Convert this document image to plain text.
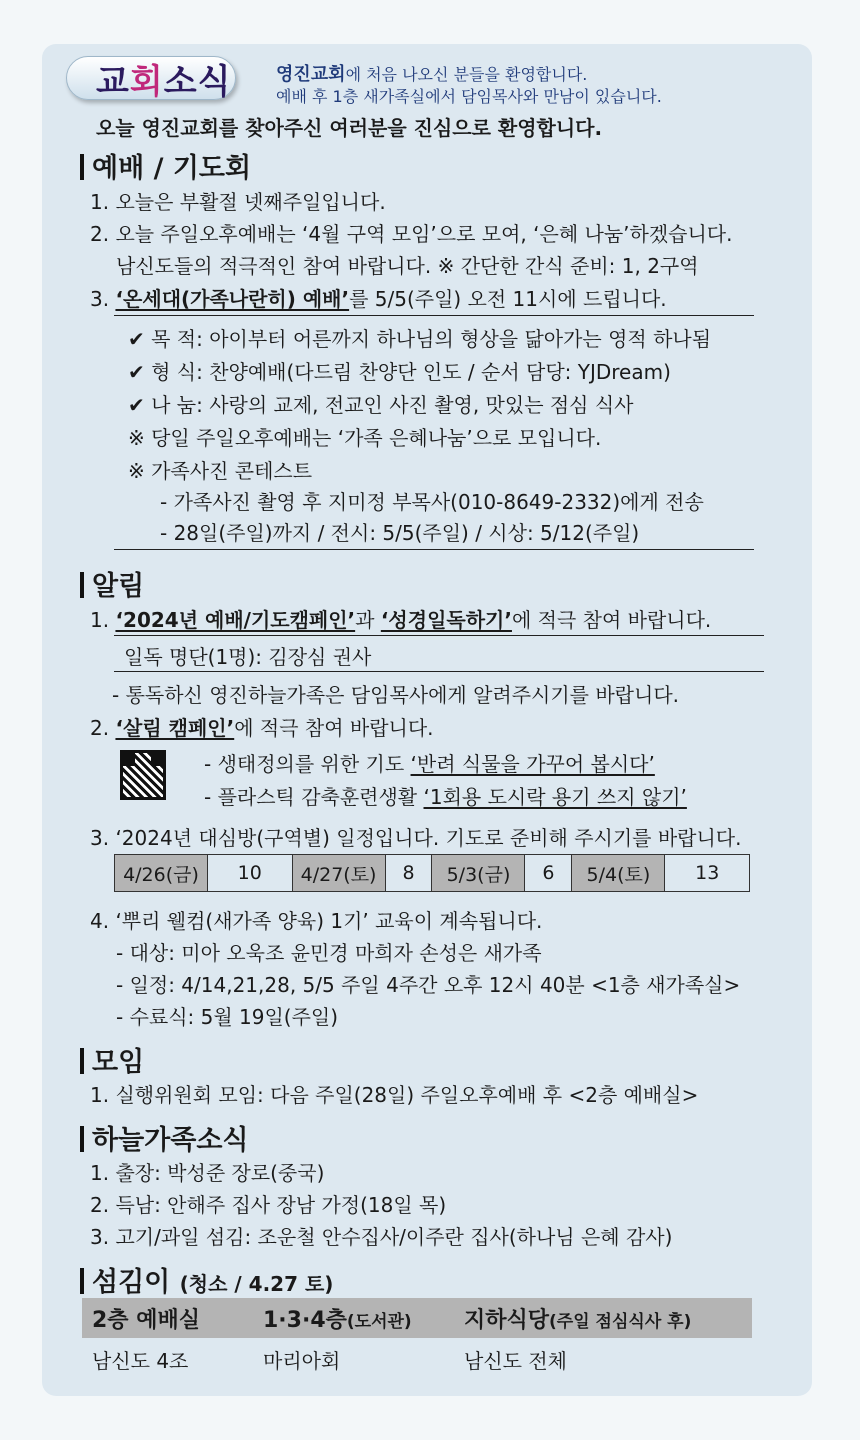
교회소식 영진교회에 처음 나오신 분들을 환영합니다.
예배 후 1층 새가족실에서 담임목사와 만남이 있습니다.
오늘 영진교회를 찾아주신 여러분을 진심으로 환영합니다.
예배 / 기도회
1. 오늘은 부활절 넷째주일입니다.
2. 오늘 주일오후예배는 ‘4월 구역 모임’으로 모여, ‘은혜 나눔’하겠습니다.
남신도들의 적극적인 참여 바랍니다. ※ 간단한 간식 준비: 1, 2구역
3. ‘온세대(가족나란히) 예배’를 5/5(주일) 오전 11시에 드립니다.
✔ 목 적: 아이부터 어른까지 하나님의 형상을 닮아가는 영적 하나됨
✔ 형 식: 찬양예배(다드림 찬양단 인도 / 순서 담당: YJDream)
✔ 나 눔: 사랑의 교제, 전교인 사진 촬영, 맛있는 점심 식사
※ 당일 주일오후예배는 ‘가족 은혜나눔’으로 모입니다.
※ 가족사진 콘테스트
- 가족사진 촬영 후 지미정 부목사(010-8649-2332)에게 전송
- 28일(주일)까지 / 전시: 5/5(주일) / 시상: 5/12(주일)
알림
1. ‘2024년 예배/기도캠페인’과 ‘성경일독하기’에 적극 참여 바랍니다.
일독 명단(1명): 김장심 권사
- 통독하신 영진하늘가족은 담임목사에게 알려주시기를 바랍니다.
2. ‘살림 캠페인’에 적극 참여 바랍니다.
- 생태정의를 위한 기도 ‘반려 식물을 가꾸어 봅시다’
- 플라스틱 감축훈련생활 ‘1회용 도시락 용기 쓰지 않기’
3. ‘2024년 대심방(구역별) 일정입니다. 기도로 준비해 주시기를 바랍니다.
4/26(금)	10	4/27(토)	8	5/3(금)	6	5/4(토)	13
4. ‘뿌리 웰컴(새가족 양육) 1기’ 교육이 계속됩니다.
- 대상: 미아 오욱조 윤민경 마희자 손성은 새가족
- 일정: 4/14,21,28, 5/5 주일 4주간 오후 12시 40분 <1층 새가족실>
- 수료식: 5월 19일(주일)
모임
1. 실행위원회 모임: 다음 주일(28일) 주일오후예배 후 <2층 예배실>
하늘가족소식
1. 출장: 박성준 장로(중국)
2. 득남: 안해주 집사 장남 가정(18일 목)
3. 고기/과일 섬김: 조운철 안수집사/이주란 집사(하나님 은혜 감사)
섬김이 (청소 / 4.27 토)
2층 예배실	1·3·4층(도서관)	지하식당(주일 점심식사 후)
남신도 4조	마리아회	남신도 전체
